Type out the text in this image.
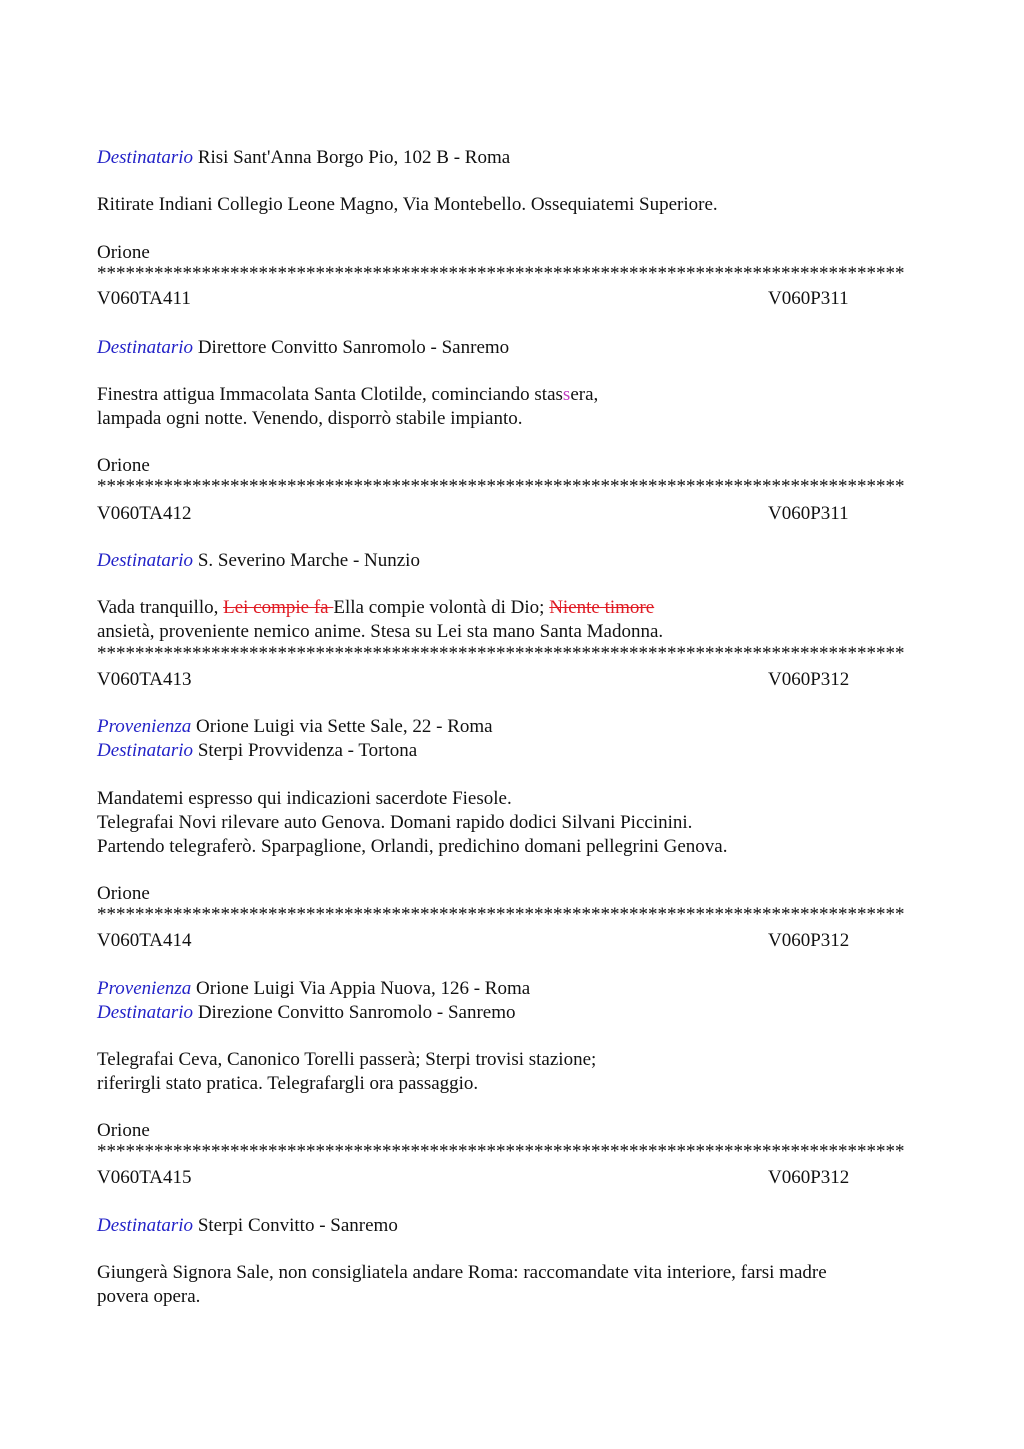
Destinatario Risi Sant'Anna Borgo Pio, 102 B - Roma

Ritirate Indiani Collegio Leone Magno, Via Montebello. Ossequiatemi Superiore.

Orione

*************************************************************************************
V060TA411	V060P311

Destinatario Direttore Convitto Sanromolo - Sanremo

Finestra attigua Immacolata Santa Clotilde, cominciando stassera,

lampada ogni notte. Venendo, disporrò stabile impianto.

Orione

*************************************************************************************
V060TA412	V060P311

Destinatario S. Severino Marche - Nunzio

Vada tranquillo, Lei compie fa Ella compie volontà di Dio; Niente timore

ansietà, proveniente nemico anime. Stesa su Lei sta mano Santa Madonna.

*************************************************************************************
V060TA413	V060P312

Provenienza Orione Luigi via Sette Sale, 22 - Roma

Destinatario Sterpi Provvidenza - Tortona

Mandatemi espresso qui indicazioni sacerdote Fiesole.

Telegrafai Novi rilevare auto Genova. Domani rapido dodici Silvani Piccinini.

Partendo telegraferò. Sparpaglione, Orlandi, predichino domani pellegrini Genova.

Orione

*************************************************************************************
V060TA414	V060P312

Provenienza Orione Luigi Via Appia Nuova, 126 - Roma

Destinatario Direzione Convitto Sanromolo - Sanremo

Telegrafai Ceva, Canonico Torelli passerà; Sterpi trovisi stazione;

riferirgli stato pratica. Telegrafargli ora passaggio.

Orione

*************************************************************************************
V060TA415	V060P312

Destinatario Sterpi Convitto - Sanremo

Giungerà Signora Sale, non consigliatela andare Roma: raccomandate vita interiore, farsi madre

povera opera.
